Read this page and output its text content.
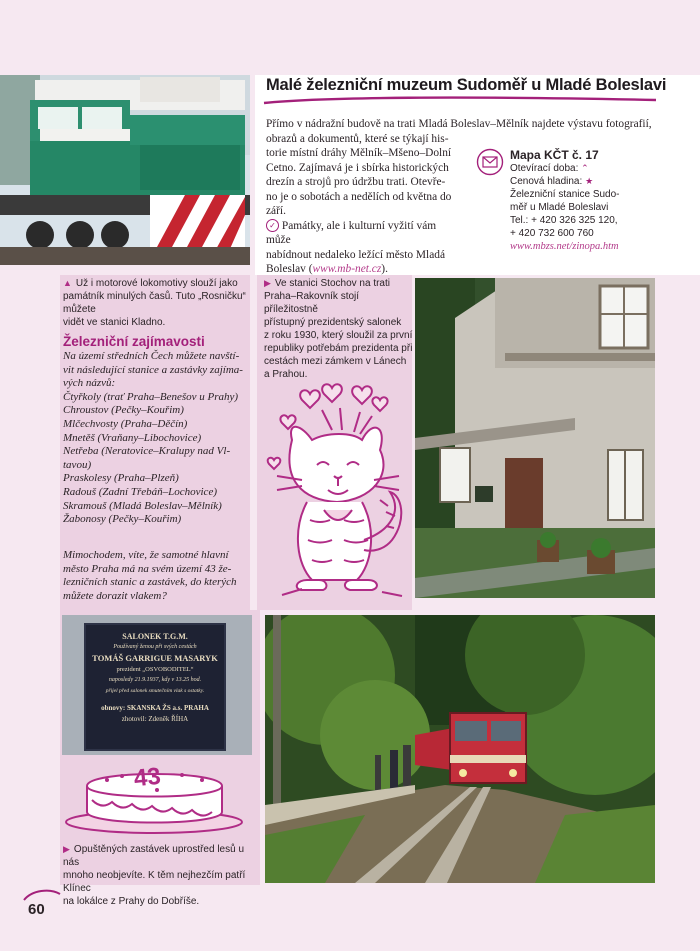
Malé železniční muzeum Sudoměř u Mladé Boleslavi
Přímo v nádražní budově na trati Mladá Boleslav–Mělník najdete výstavu fotografií,
obrazů a dokumentů, které se týkají his-
torie místní dráhy Mělník–Mšeno–Dolní
Cetno. Zajímavá je i sbírka historických
drezín a strojů pro údržbu trati. Otevře-
no je o sobotách a nedělích od května do
září.
✓ Památky, ale i kulturní vyžití vám může
nabídnout nedaleko ležící město Mladá
Boleslav (www.mb-net.cz).
Mapa KČT č. 17
Otevírací doba: ⌃
Cenová hladina: ★
Železniční stanice Sudo-
měř u Mladé Boleslavi
Tel.: + 420 326 325 120,
+ 420 732 600 760
www.mbzs.net/zinopa.htm
▲ Už i motorové lokomotivy slouží jako
památník minulých časů. Tuto „Rosničku“ můžete
vidět ve stanici Kladno.
Železniční zajímavosti
Na území středních Čech můžete navští-
vit následující stanice a zastávky zajíma-
vých názvů:
Čtyřkoly (trať Praha–Benešov u Prahy)
Chroustov (Pečky–Kouřim)
Mlčechvosty (Praha–Děčín)
Mnetěš (Vraňany–Libochovice)
Netřeba (Neratovice–Kralupy nad Vl-
tavou)
Praskolesy (Praha–Plzeň)
Radouš (Zadní Třebáň–Lochovice)
Skramouš (Mladá Boleslav–Mělník)
Žabonosy (Pečky–Kouřim)
Mimochodem, víte, že samotné hlavní
město Praha má na svém území 43 že-
lezničních stanic a zastávek, do kterých
můžete dorazit vlakem?
▶ Ve stanici Stochov na trati
Praha–Rakovník stojí příležitostně
přístupný prezidentský salonek
z roku 1930, který sloužil za první
republiky potřebám prezidenta při
cestách mezi zámkem v Lánech
a Prahou.
SALONEK T.G.M.
Používaný ženou při svých cestách
TOMÁŠ GARRIGUE MASARYK
prezident „OSVOBODITEL“
naposledy 21.9.1937, kdy v 13.25 hod.
přijel před salonek smutečním vlak s ostatky.
obnovy: SKANSKA ŽS a.s. PRAHA
zhotovil: Zdeněk ŘÍHA
43
▶ Opuštěných zastávek uprostřed lesů u nás
mnoho neobjevíte. K těm nejhezčím patří Klínec
na lokálce z Prahy do Dobříše.
60
